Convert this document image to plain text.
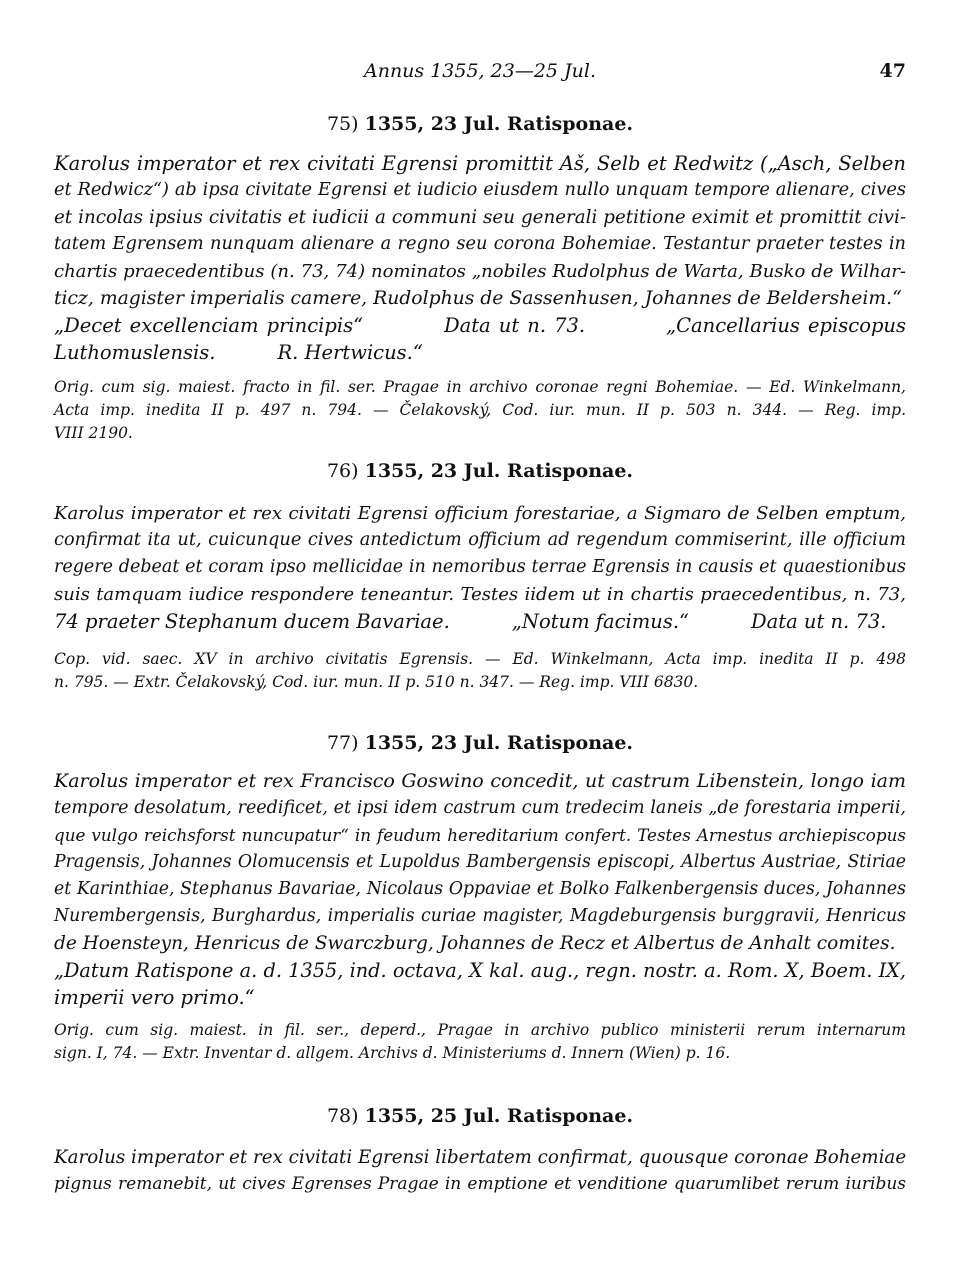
Annus 1355, 23—25 Jul.	47
75) 1355, 23 Jul. Ratisponae.
Karolus imperator et rex civitati Egrensi promittit Aš, Selb et Redwitz („Asch, Selben
et Redwicz“) ab ipsa civitate Egrensi et iudicio eiusdem nullo unquam tempore alienare, cives
et incolas ipsius civitatis et iudicii a communi seu generali petitione eximit et promittit civi-
tatem Egrensem nunquam alienare a regno seu corona Bohemiae. Testantur praeter testes in
chartis praecedentibus (n. 73, 74) nominatos „nobiles Rudolphus de Warta, Busko de Wilhar-
ticz, magister imperialis camere, Rudolphus de Sassenhusen, Johannes de Beldersheim.“
„Decet excellenciam principis“          Data ut n. 73.          „Cancellarius episcopus
Luthomuslensis.          R. Hertwicus.“
Orig. cum sig. maiest. fracto in fil. ser. Pragae in archivo coronae regni Bohemiae. — Ed. Winkelmann,
Acta imp. inedita II p. 497 n. 794. — Čelakovský, Cod. iur. mun. II p. 503 n. 344. — Reg. imp.
VIII 2190.
76) 1355, 23 Jul. Ratisponae.
Karolus imperator et rex civitati Egrensi officium forestariae, a Sigmaro de Selben emptum,
confirmat ita ut, cuicunque cives antedictum officium ad regendum commiserint, ille officium
regere debeat et coram ipso mellicidae in nemoribus terrae Egrensis in causis et quaestionibus
suis tamquam iudice respondere teneantur. Testes iidem ut in chartis praecedentibus, n. 73,
74 praeter Stephanum ducem Bavariae.          „Notum facimus.“          Data ut n. 73.
Cop. vid. saec. XV in archivo civitatis Egrensis. — Ed. Winkelmann, Acta imp. inedita II p. 498
n. 795. — Extr. Čelakovský, Cod. iur. mun. II p. 510 n. 347. — Reg. imp. VIII 6830.
77) 1355, 23 Jul. Ratisponae.
Karolus imperator et rex Francisco Goswino concedit, ut castrum Libenstein, longo iam
tempore desolatum, reedificet, et ipsi idem castrum cum tredecim laneis „de forestaria imperii,
que vulgo reichsforst nuncupatur“ in feudum hereditarium confert. Testes Arnestus archiepiscopus
Pragensis, Johannes Olomucensis et Lupoldus Bambergensis episcopi, Albertus Austriae, Stiriae
et Karinthiae, Stephanus Bavariae, Nicolaus Oppaviae et Bolko Falkenbergensis duces, Johannes
Nurembergensis, Burghardus, imperialis curiae magister, Magdeburgensis burggravii, Henricus
de Hoensteyn, Henricus de Swarczburg, Johannes de Recz et Albertus de Anhalt comites.
„Datum Ratispone a. d. 1355, ind. octava, X kal. aug., regn. nostr. a. Rom. X, Boem. IX,
imperii vero primo.“
Orig. cum sig. maiest. in fil. ser., deperd., Pragae in archivo publico ministerii rerum internarum
sign. I, 74. — Extr. Inventar d. allgem. Archivs d. Ministeriums d. Innern (Wien) p. 16.
78) 1355, 25 Jul. Ratisponae.
Karolus imperator et rex civitati Egrensi libertatem confirmat, quousque coronae Bohemiae
pignus remanebit, ut cives Egrenses Pragae in emptione et venditione quarumlibet rerum iuribus
